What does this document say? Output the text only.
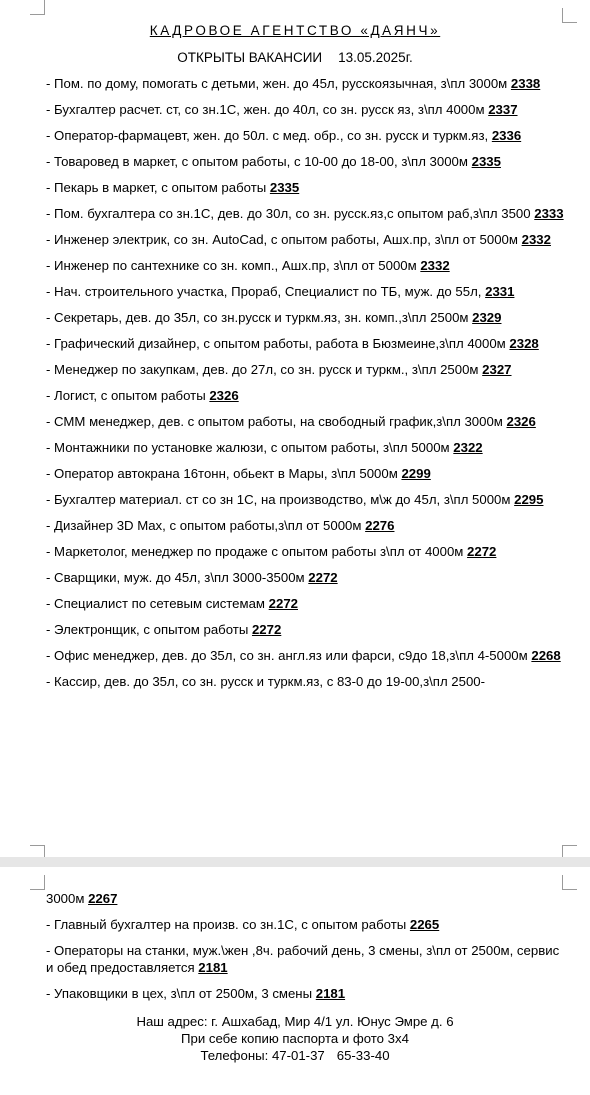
КАДРОВОЕ АГЕНТСТВО «ДАЯНЧ»
ОТКРЫТЫ ВАКАНСИИ 13.05.2025г.
- Пом. по дому, помогать с детьми, жен. до 45л, русскоязычная, з\пл 3000м 2338
- Бухгалтер расчет. ст, со зн.1С, жен. до 40л, со зн. русск яз, з\пл 4000м 2337
- Оператор-фармацевт, жен. до 50л. с мед. обр., со зн. русск и туркм.яз, 2336
- Товаровед в маркет, с опытом работы, с 10-00 до 18-00, з\пл 3000м 2335
- Пекарь в маркет, с опытом работы 2335
- Пом. бухгалтера со зн.1С, дев. до 30л, со зн. русск.яз,с опытом раб,з\пл 3500 2333
- Инженер электрик, со зн. AutoCad, с опытом работы, Ашх.пр, з\пл от 5000м 2332
- Инженер по сантехнике со зн. комп., Ашх.пр, з\пл от 5000м 2332
- Нач. строительного участка, Прораб, Специалист по ТБ, муж. до 55л, 2331
- Секретарь, дев. до 35л, со зн.русск и туркм.яз, зн. комп.,з\пл 2500м 2329
- Графический дизайнер, с опытом работы, работа в Бюзмеине,з\пл 4000м 2328
- Менеджер по закупкам, дев. до 27л, со зн. русск и туркм., з\пл 2500м 2327
- Логист, с опытом работы 2326
- СММ менеджер, дев. с опытом работы, на свободный график,з\пл 3000м 2326
- Монтажники по установке жалюзи, с опытом работы, з\пл 5000м 2322
- Оператор автокрана 16тонн, обьект в Мары, з\пл 5000м 2299
- Бухгалтер материал. ст со зн 1С, на производство, м\ж до 45л, з\пл 5000м 2295
- Дизайнер 3D Max, с опытом работы,з\пл от 5000м 2276
- Маркетолог, менеджер по продаже с опытом работы з\пл от 4000м 2272
- Сварщики, муж. до 45л, з\пл 3000-3500м 2272
- Специалист по сетевым системам 2272
- Электронщик, с опытом работы 2272
- Офис менеджер, дев. до 35л, со зн. англ.яз или фарси, с9до 18,з\пл 4-5000м 2268
- Кассир, дев. до 35л, со зн. русск и туркм.яз, с 83-0 до 19-00,з\пл 2500-
3000м 2267
- Главный бухгалтер на произв. со зн.1С, с опытом работы 2265
- Операторы на станки, муж.\жен ,8ч. рабочий день, 3 смены, з\пл от 2500м, сервис и обед предоставляется 2181
- Упаковщики в цех, з\пл от 2500м, 3 смены 2181
Наш адрес: г. Ашхабад, Мир 4/1 ул. Юнус Эмре д. 6
При себе копию паспорта и фото 3х4
Телефоны: 47-01-37 65-33-40
